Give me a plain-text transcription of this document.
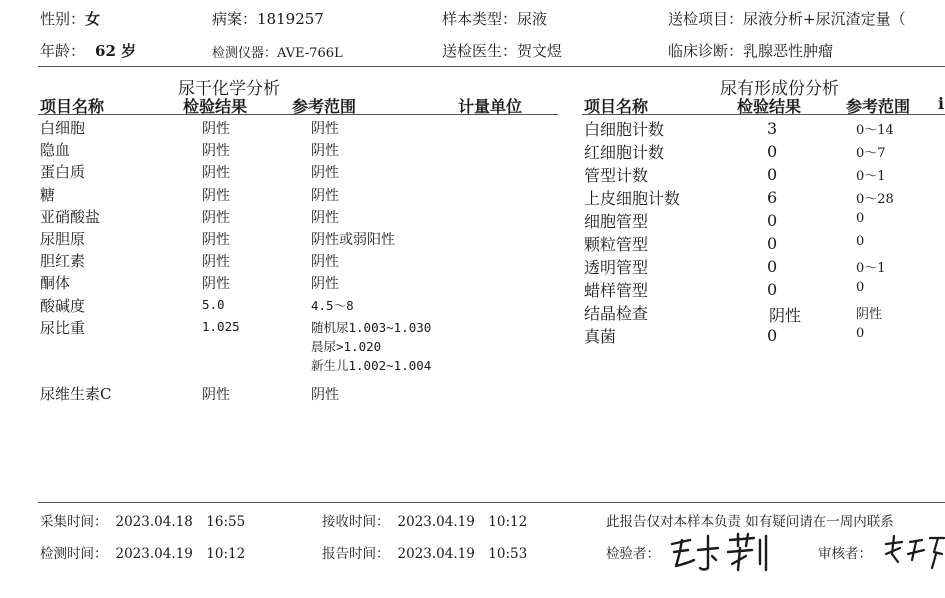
性别：女	病案：1819257	样本类型：尿液	送检项目：尿液分析+尿沉渣定量（
年龄： 62 岁	检测仪器：AVE-766L	送检医生：贺文煜	临床诊断：乳腺恶性肿瘤
尿干化学分析
项目名称	检验结果	参考范围	计量单位
白细胞	阴性	阴性
隐血	阴性	阴性
蛋白质	阴性	阴性
糖	阴性	阴性
亚硝酸盐	阴性	阴性
尿胆原	阴性	阴性或弱阳性
胆红素	阴性	阴性
酮体	阴性	阴性
酸碱度	5.0	4.5～8
尿比重	1.025	随机尿1.003~1.030
晨尿>1.020
新生儿1.002~1.004
尿维生素C	阴性	阴性
尿有形成份分析
项目名称	检验结果	参考范围 i
白细胞计数	3	0～14
红细胞计数	0	0～7
管型计数	0	0～1
上皮细胞计数	6	0～28
细胞管型	0	0
颗粒管型	0	0
透明管型	0	0～1
蜡样管型	0	0
结晶检查	阴性	阴性
真菌	0	0
采集时间： 2023.04.18　16:55	接收时间： 2023.04.19　10:12	此报告仅对本样本负责 如有疑问请在一周内联系
检测时间： 2023.04.19　10:12	报告时间： 2023.04.19　10:53	检验者：	审核者：
